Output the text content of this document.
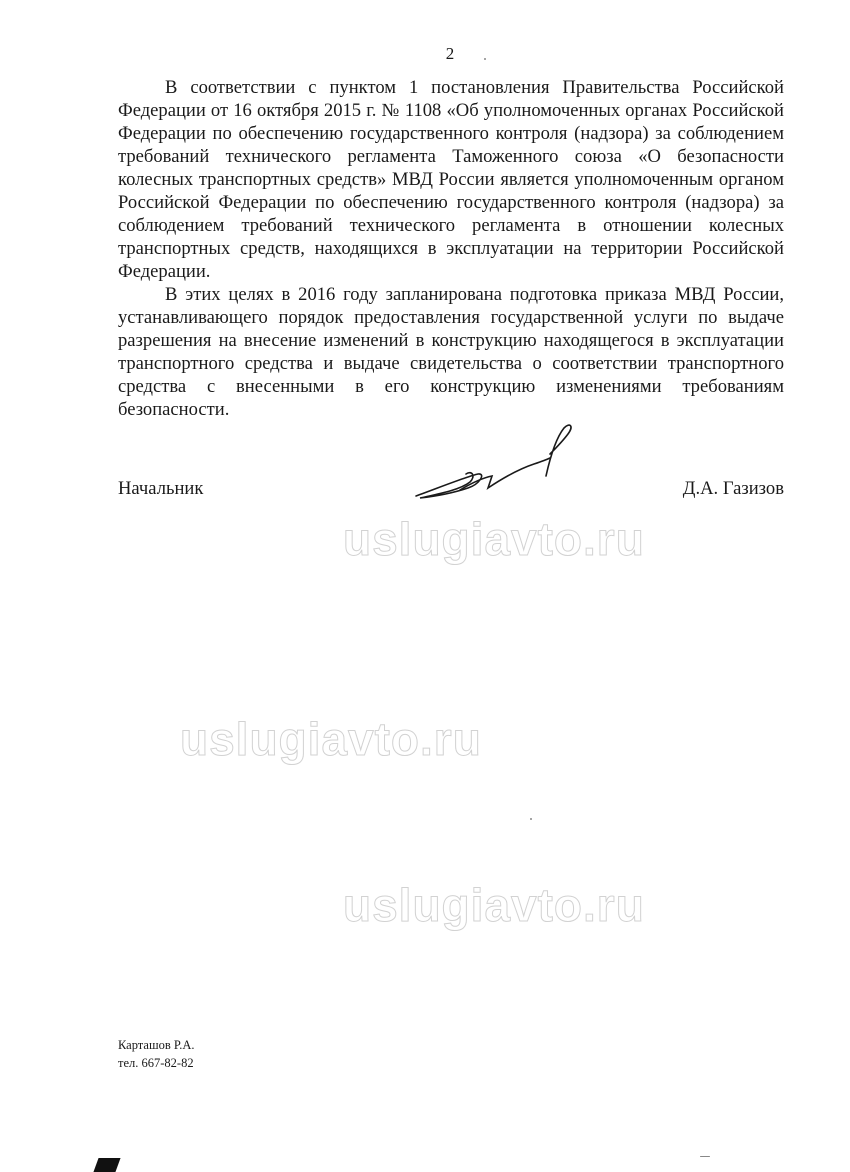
2

В соответствии с пунктом 1 постановления Правительства Российской Федерации от 16 октября 2015 г. № 1108 «Об уполномоченных органах Российской Федерации по обеспечению государственного контроля (надзора) за соблюдением требований технического регламента Таможенного союза «О безопасности колесных транспортных средств» МВД России является уполномоченным органом Российской Федерации по обеспечению государственного контроля (надзора) за соблюдением требований технического регламента в отношении колесных транспортных средств, находящихся в эксплуатации на территории Российской Федерации.

В этих целях в 2016 году запланирована подготовка приказа МВД России, устанавливающего порядок предоставления государственной услуги по выдаче разрешения на внесение изменений в конструкцию находящегося в эксплуатации транспортного средства и выдаче свидетельства о соответствии транспортного средства с внесенными в его конструкцию изменениями требованиям безопасности.

Начальник	Д.А. Газизов
uslugiavto.ru
uslugiavto.ru
uslugiavto.ru
Карташов Р.А.
тел. 667-82-82
